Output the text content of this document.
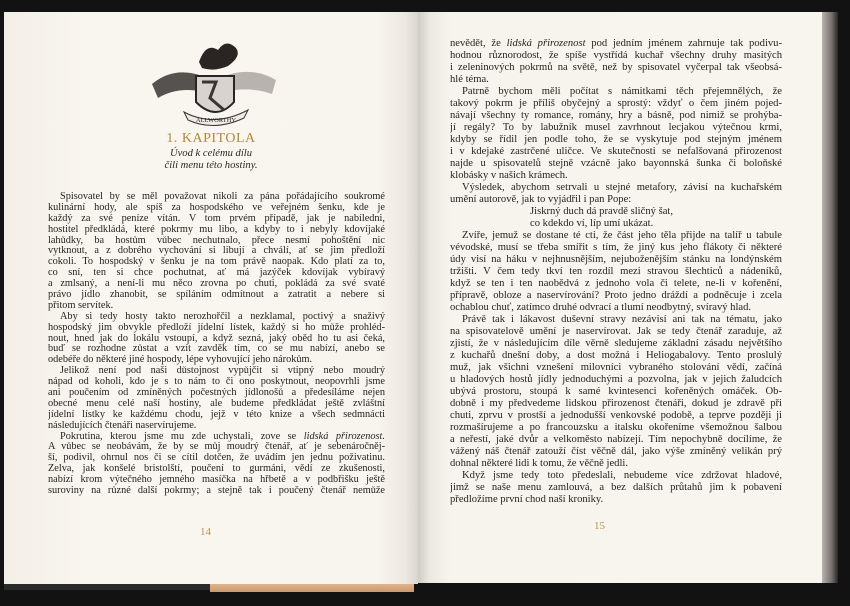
ALLWORTHY
1. KAPITOLA
Úvod k celému dílu
čili menu této hostiny.
Spisovatel by se měl považovat nikoli za pána pořádajícího soukromé
kulinární hody, ale spíš za hospodského ve veřejném šenku, kde je
každý za své peníze vítán. V tom prvém případě, jak je nabíledni,
hostitel předkládá, které pokrmy mu libo, a kdyby to i nebyly kdovíjaké
lahůdky, ba hostům vůbec nechutnalo, přece nesmí pohoštění nic
vytknout, a z dobrého vychování si libují a chválí, ať se jim předloží
cokoli. To hospodský v šenku je na tom právě naopak. Kdo platí za to,
co sní, ten si chce pochutnat, ať má jazýček kdovíjak vybíravý
a zmlsaný, a není-li mu něco zrovna po chuti, pokládá za své svaté
právo jídlo zhanobit, se spíláním odmítnout a zatratit a nebere si
přitom servítek.
Aby si tedy hosty takto nerozhořčil a nezklamal, poctivý a snaživý
hospodský jim obvykle předloží jídelní lístek, každý si ho může prohléd-
nout, hned jak do lokálu vstoupí, a když sezná, jaký oběd ho tu asi čeká,
buď se rozhodne zůstat a vzít zavděk tím, co se mu nabízí, anebo se
odebéře do některé jiné hospody, lépe vyhovující jeho nárokům.
Jelikož není pod naši důstojnost vypůjčit si vtipný nebo moudrý
nápad od koholi, kdo je s to nám to či ono poskytnout, neopovrhli jsme
ani poučením od zmíněných počestných jídlonošů a předesíláme nejen
obecné menu celé naší hostiny, ale budeme předkládat ještě zvláštní
jídelní lístky ke každému chodu, jejž v této knize a všech sedmnácti
následujících čtenáři naservírujeme.
Pokrutina, kterou jsme mu zde uchystali, zove se lidská přirozenost.
A vůbec se neobávám, že by se můj moudrý čtenář, ať je sebenáročněj-
ší, podivil, ohrnul nos či se cítil dotčen, že uvádím jen jednu poživatinu.
Želva, jak konšelé bristolští, poučení to gurmáni, vědí ze zkušenosti,
nabízí krom výtečného jemného masíčka na hřbetě a v podbřišku ještě
suroviny na různé další pokrmy; a stejně tak i poučený čtenář nemůže
14
nevědět, že lidská přirozenost pod jedním jménem zahrnuje tak podivu-
hodnou různorodost, že spíše vystřídá kuchař všechny druhy masitých
i zeleninových pokrmů na světě, než by spisovatel vyčerpal tak všeobsá-
hlé téma.
Patrně bychom měli počítat s námitkami těch přejemnělých, že
takový pokrm je příliš obyčejný a sprostý: vždyť o čem jiném pojed-
návají všechny ty romance, romány, hry a básně, pod nimiž se prohýba-
jí regály? To by labužník musel zavrhnout lecjakou výtečnou krmi,
kdyby se řídil jen podle toho, že se vyskytuje pod stejným jménem
i v kdejaké zastrčené uličce. Ve skutečnosti se nefalšovaná přirozenost
najde u spisovatelů stejně vzácně jako bayonnská šunka či boloňské
klobásky v našich krámech.
Výsledek, abychom setrvali u stejné metafory, závisí na kuchařském
umění autorově, jak to vyjádřil i pan Pope:
Jiskrný duch dá pravdě sličný šat,
co kdekdo ví, líp umí ukázat.
Zvíře, jemuž se dostane té cti, že část jeho těla přijde na talíř u tabule
vévodské, musí se třeba smířit s tím, že jiný kus jeho flákoty či některé
údy visí na háku v nejhnusnějším, nejuboženějším stánku na londýnském
tržišti. V čem tedy tkví ten rozdíl mezi stravou šlechticů a nádeníků,
když se ten i ten naobědvá z jednoho vola či telete, ne-li v kořenění,
přípravě, obloze a naservírování? Proto jedno dráždí a podněcuje i zcela
ochablou chuť, zatímco druhé odvrací a tlumí neodbytný, svíravý hlad.
Právě tak i lákavost duševní stravy nezávisí ani tak na tématu, jako
na spisovatelově umění je naservírovat. Jak se tedy čtenář zaraduje, až
zjistí, že v následujícím díle věrně sledujeme základní zásadu největšího
z kuchařů dnešní doby, a dost možná i Heliogabalovy. Tento proslulý
muž, jak všichni vznešení milovníci vybraného stolování vědí, začíná
u hladových hostů jídly jednoduchými a pozvolna, jak v jejich žaludcích
ubývá prostoru, stoupá k samé kvintesenci kořeněných omáček. Ob-
dobně i my předvedeme lidskou přirozenost čtenáři, dokud je zdravě při
chuti, zprvu v prostší a jednodušší venkovské podobě, a teprve později ji
rozmašírujeme a po francouzsku a italsku okořeníme všemožnou šalbou
a neřestí, jaké dvůr a velkoměsto nabízejí. Tím nepochybně docílíme, že
vážený náš čtenář zatouží číst věčně dál, jako výše zmíněný velikán prý
dohnal některé lidi k tomu, že věčně jedli.
Když jsme tedy toto předeslali, nebudeme více zdržovat hladové,
jimž se naše menu zamlouvá, a bez dalších průtahů jim k pobavení
předložíme první chod naší kroniky.
15
